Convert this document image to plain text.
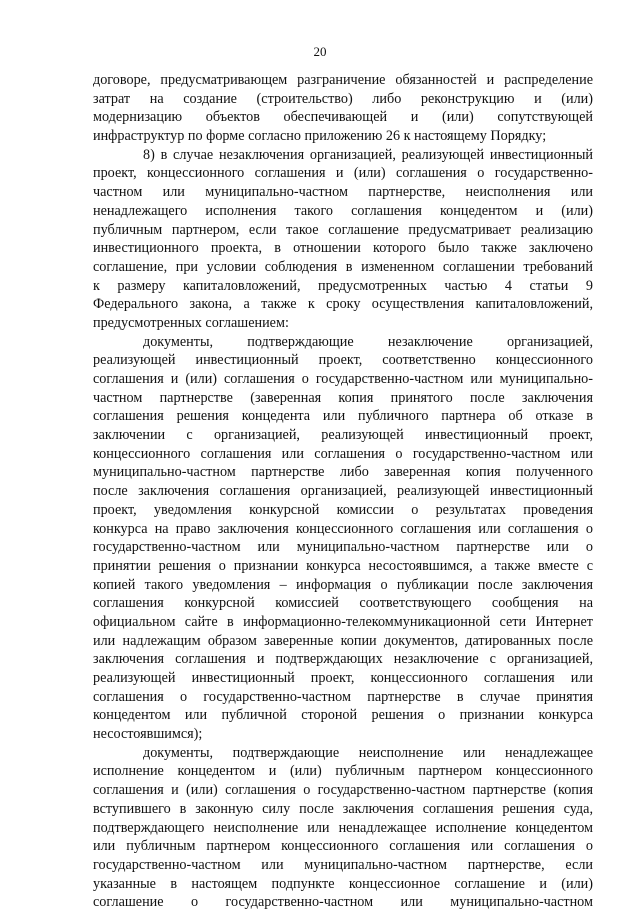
20
договоре, предусматривающем разграничение обязанностей и распределение
затрат на создание (строительство) либо реконструкцию и (или)
модернизацию объектов обеспечивающей и (или) сопутствующей
инфраструктур по форме согласно приложению 26 к настоящему Порядку;
8) в случае незаключения организацией, реализующей инвестиционный
проект, концессионного соглашения и (или) соглашения о государственно-
частном или муниципально-частном партнерстве, неисполнения или
ненадлежащего исполнения такого соглашения концедентом и (или)
публичным партнером, если такое соглашение предусматривает реализацию
инвестиционного проекта, в отношении которого было также заключено
соглашение, при условии соблюдения в измененном соглашении требований
к размеру капиталовложений, предусмотренных частью 4 статьи 9
Федерального закона, а также к сроку осуществления капиталовложений,
предусмотренных соглашением:
документы, подтверждающие незаключение организацией,
реализующей инвестиционный проект, соответственно концессионного
соглашения и (или) соглашения о государственно-частном или муниципально-
частном партнерстве (заверенная копия принятого после заключения
соглашения решения концедента или публичного партнера об отказе в
заключении с организацией, реализующей инвестиционный проект,
концессионного соглашения или соглашения о государственно-частном или
муниципально-частном партнерстве либо заверенная копия полученного
после заключения соглашения организацией, реализующей инвестиционный
проект, уведомления конкурсной комиссии о результатах проведения
конкурса на право заключения концессионного соглашения или соглашения о
государственно-частном или муниципально-частном партнерстве или о
принятии решения о признании конкурса несостоявшимся, а также вместе с
копией такого уведомления – информация о публикации после заключения
соглашения конкурсной комиссией соответствующего сообщения на
официальном сайте в информационно-телекоммуникационной сети Интернет
или надлежащим образом заверенные копии документов, датированных после
заключения соглашения и подтверждающих незаключение с организацией,
реализующей инвестиционный проект, концессионного соглашения или
соглашения о государственно-частном партнерстве в случае принятия
концедентом или публичной стороной решения о признании конкурса
несостоявшимся);
документы, подтверждающие неисполнение или ненадлежащее
исполнение концедентом и (или) публичным партнером концессионного
соглашения и (или) соглашения о государственно-частном партнерстве (копия
вступившего в законную силу после заключения соглашения решения суда,
подтверждающего неисполнение или ненадлежащее исполнение концедентом
или публичным партнером концессионного соглашения или соглашения о
государственно-частном или муниципально-частном партнерстве, если
указанные в настоящем подпункте концессионное соглашение и (или)
соглашение о государственно-частном или муниципально-частном
